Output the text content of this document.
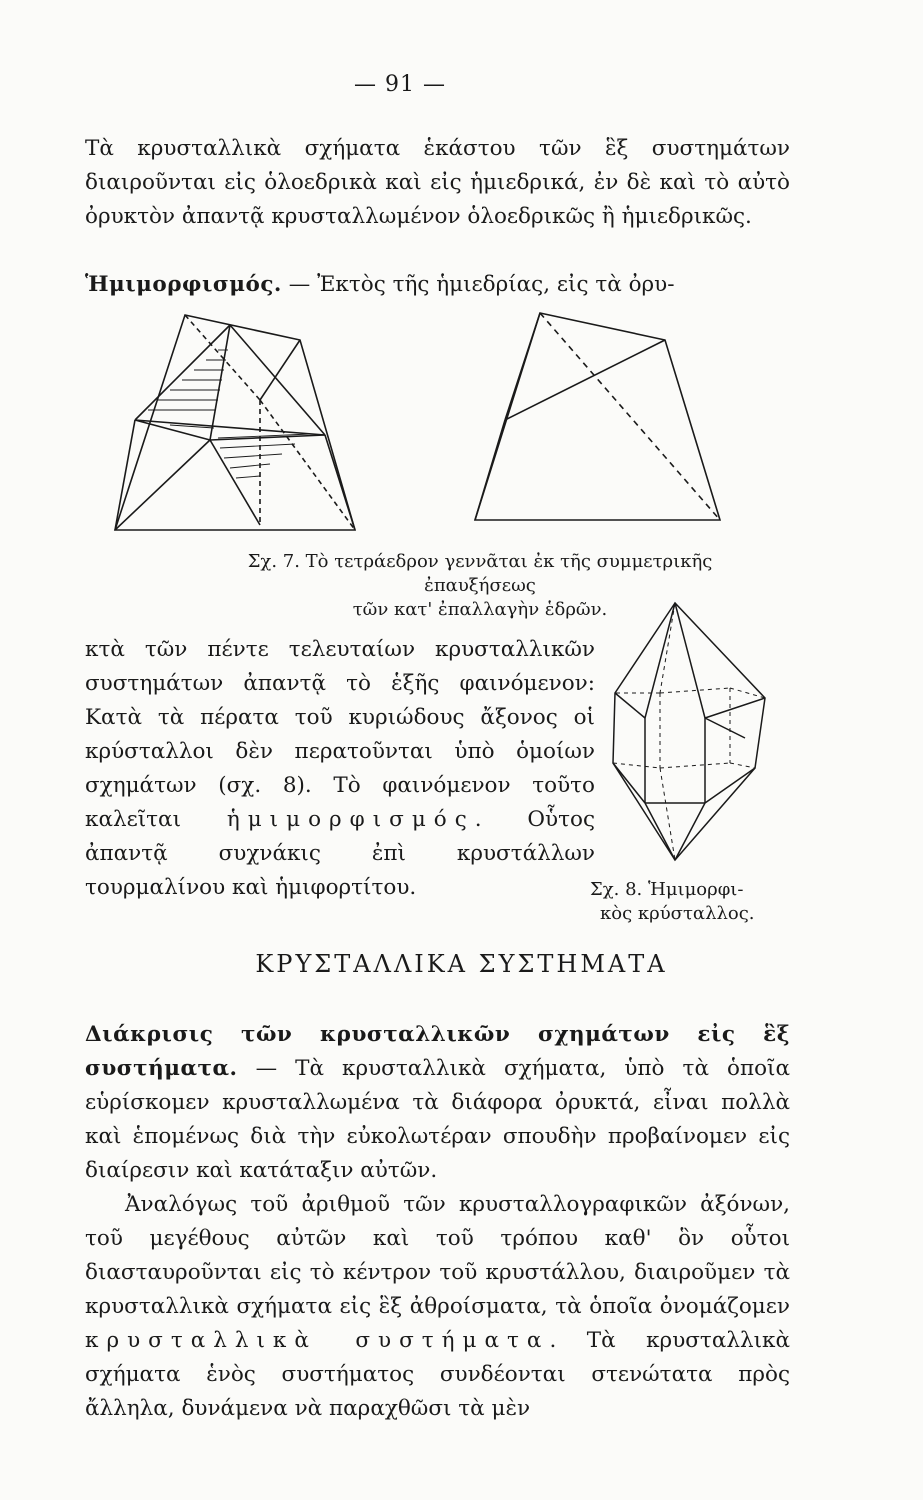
— 91 —
Τὰ κρυσταλλικὰ σχήματα ἑκάστου τῶν ἓξ συστημάτων διαιροῦνται εἰς ὁλοεδρικὰ καὶ εἰς ἡμιεδρικά, ἐν δὲ καὶ τὸ αὐτὸ ὀρυκτὸν ἀπαντᾷ κρυσταλλωμένον ὁλοεδρικῶς ἢ ἡμιεδρικῶς.
Ἡμιμορφισμός. — Ἐκτὸς τῆς ἡμιεδρίας, εἰς τὰ ὀρυ-
Σχ. 7. Τὸ τετράεδρον γεννᾶται ἐκ τῆς συμμετρικῆς ἐπαυξήσεως
τῶν κατ' ἐπαλλαγὴν ἑδρῶν.
κτὰ τῶν πέντε τελευταίων κρυσταλλικῶν συστημάτων ἀπαντᾷ τὸ ἑξῆς φαινόμενον: Κατὰ τὰ πέρατα τοῦ κυριώδους ἄξονος οἱ κρύσταλλοι δὲν περατοῦνται ὑπὸ ὁμοίων σχημάτων (σχ. 8). Τὸ φαινόμενον τοῦτο καλεῖται ἡμιμορφισμός. Οὗτος ἀπαντᾷ συχνάκις ἐπὶ κρυστάλλων τουρμαλίνου καὶ ἡμιφορτίτου.	Σχ. 8. Ἡμιμορφι-
κὸς κρύσταλλος.
ΚΡΥΣΤΑΛΛΙΚΑ ΣΥΣΤΗΜΑΤΑ
Διάκρισις τῶν κρυσταλλικῶν σχημάτων εἰς ἓξ συστήματα. — Τὰ κρυσταλλικὰ σχήματα, ὑπὸ τὰ ὁποῖα εὑρίσκομεν κρυσταλλωμένα τὰ διάφορα ὀρυκτά, εἶναι πολλὰ καὶ ἑπομένως διὰ τὴν εὐκολωτέραν σπουδὴν προβαίνομεν εἰς διαίρεσιν καὶ κατάταξιν αὐτῶν.
Ἀναλόγως τοῦ ἀριθμοῦ τῶν κρυσταλλογραφικῶν ἀξόνων, τοῦ μεγέθους αὐτῶν καὶ τοῦ τρόπου καθ' ὃν οὗτοι διασταυροῦνται εἰς τὸ κέντρον τοῦ κρυστάλλου, διαιροῦμεν τὰ κρυσταλλικὰ σχήματα εἰς ἓξ ἀθροίσματα, τὰ ὁποῖα ὀνομάζομεν κρυσταλλικὰ συστήματα. Τὰ κρυσταλλικὰ σχήματα ἑνὸς συστήματος συνδέονται στενώτατα πρὸς ἄλληλα, δυνάμενα νὰ παραχθῶσι τὰ μὲν
